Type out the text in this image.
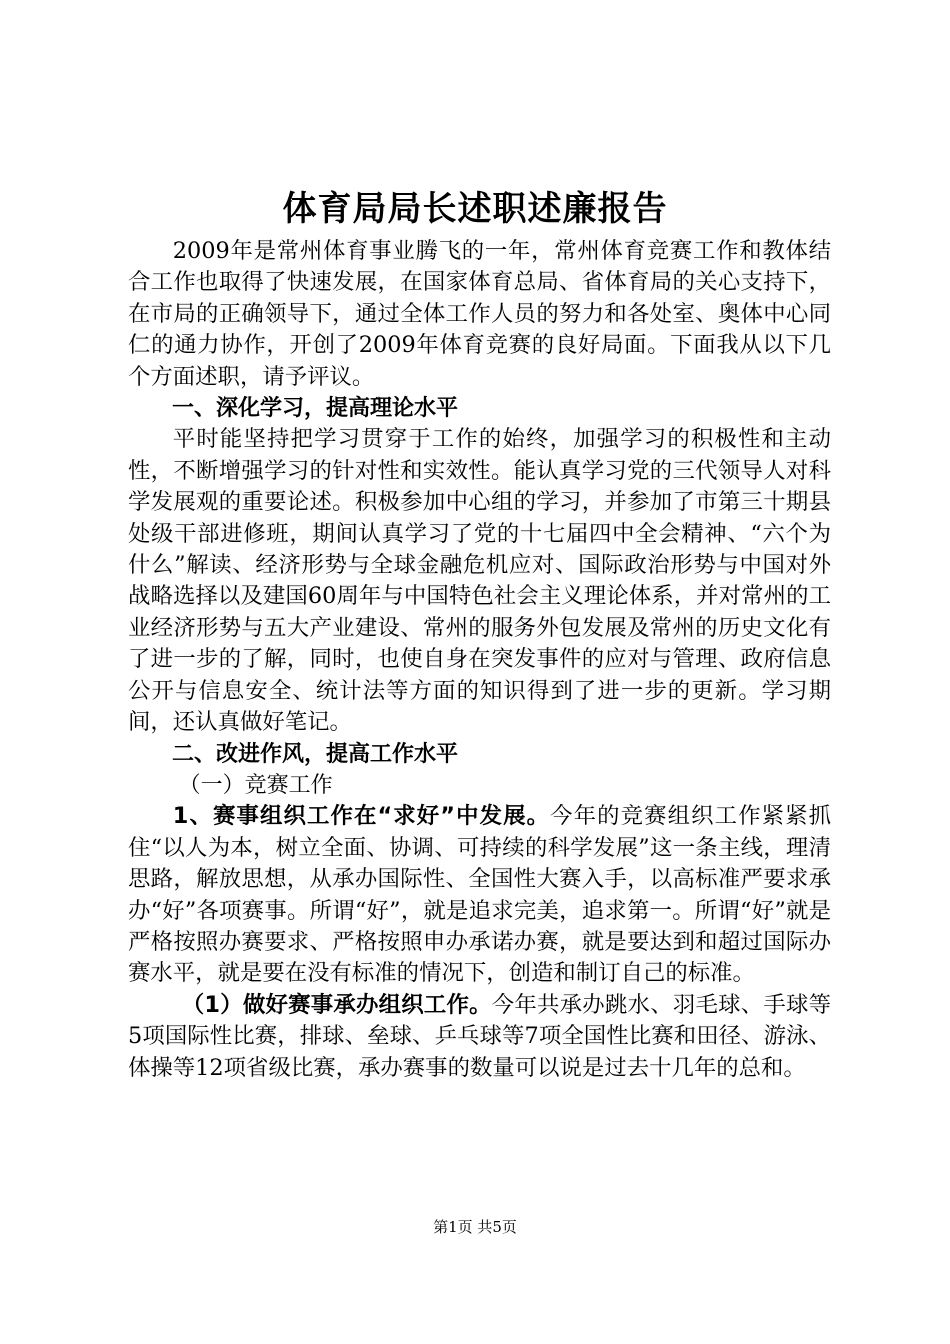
体育局局长述职述廉报告

2009年是常州体育事业腾飞的一年，常州体育竞赛工作和教体结合工作也取得了快速发展，在国家体育总局、省体育局的关心支持下，在市局的正确领导下，通过全体工作人员的努力和各处室、奥体中心同仁的通力协作，开创了2009年体育竞赛的良好局面。下面我从以下几个方面述职，请予评议。

一、深化学习，提高理论水平

平时能坚持把学习贯穿于工作的始终，加强学习的积极性和主动性，不断增强学习的针对性和实效性。能认真学习党的三代领导人对科学发展观的重要论述。积极参加中心组的学习，并参加了市第三十期县处级干部进修班，期间认真学习了党的十七届四中全会精神、“六个为什么”解读、经济形势与全球金融危机应对、国际政治形势与中国对外战略选择以及建国60周年与中国特色社会主义理论体系，并对常州的工业经济形势与五大产业建设、常州的服务外包发展及常州的历史文化有了进一步的了解，同时，也使自身在突发事件的应对与管理、政府信息公开与信息安全、统计法等方面的知识得到了进一步的更新。学习期间，还认真做好笔记。

二、改进作风，提高工作水平

（一）竞赛工作

1、赛事组织工作在“求好”中发展。今年的竞赛组织工作紧紧抓住“以人为本，树立全面、协调、可持续的科学发展”这一条主线，理清思路，解放思想，从承办国际性、全国性大赛入手，以高标准严要求承办“好”各项赛事。所谓“好”，就是追求完美，追求第一。所谓“好”就是严格按照办赛要求、严格按照申办承诺办赛，就是要达到和超过国际办赛水平，就是要在没有标准的情况下，创造和制订自己的标准。

（1）做好赛事承办组织工作。今年共承办跳水、羽毛球、手球等5项国际性比赛，排球、垒球、乒乓球等7项全国性比赛和田径、游泳、体操等12项省级比赛，承办赛事的数量可以说是过去十几年的总和。

第1页 共5页
